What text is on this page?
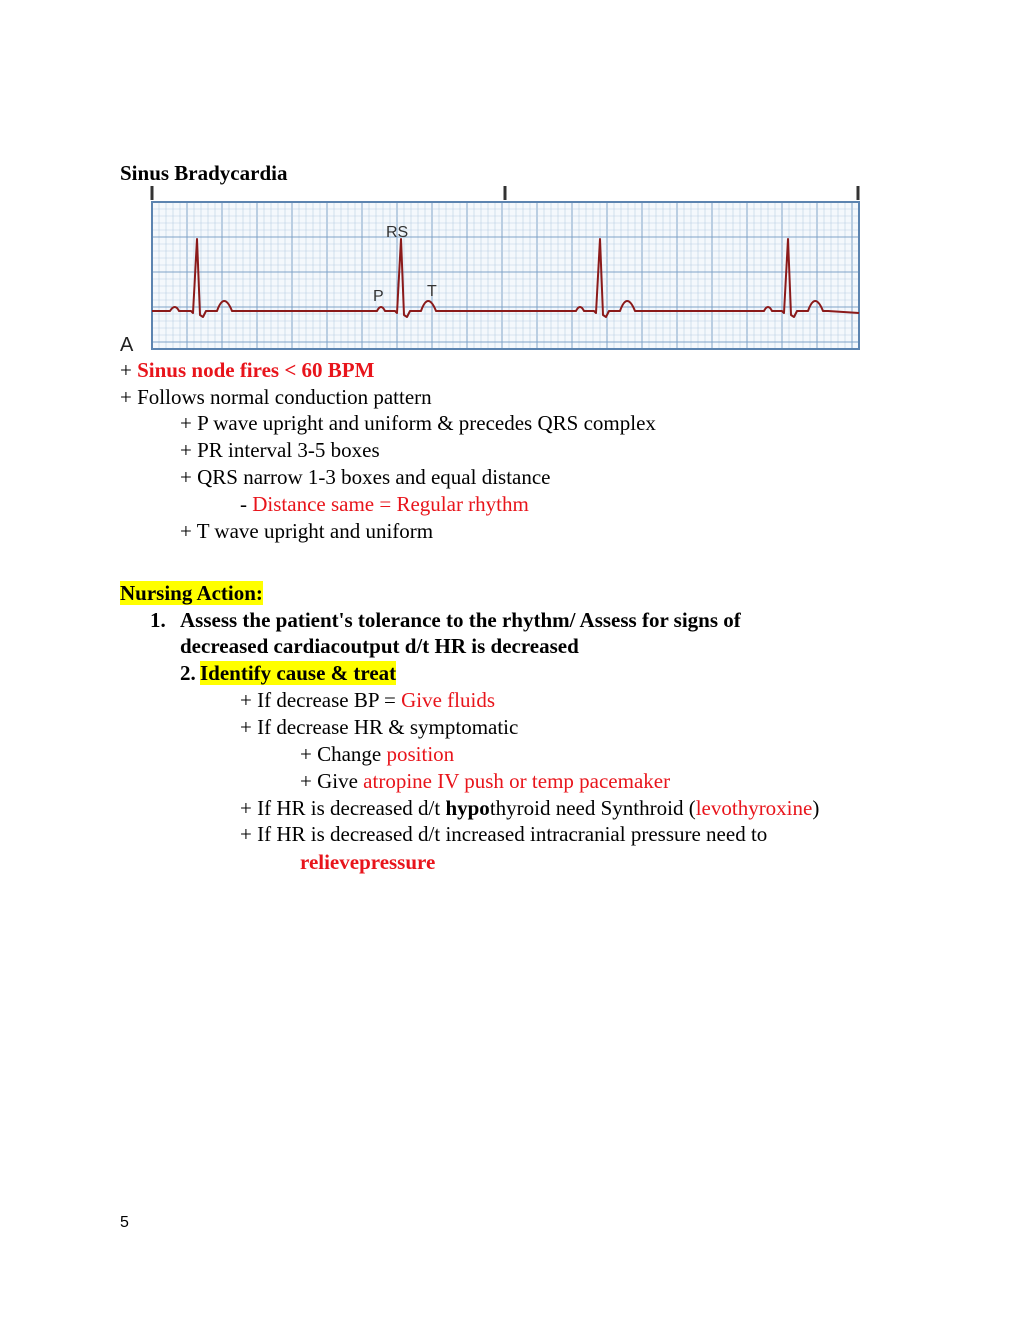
Sinus Bradycardia
RS
P	T
A
+ Sinus node fires < 60 BPM
+ Follows normal conduction pattern
+ P wave upright and uniform & precedes QRS complex
+ PR interval 3-5 boxes
+ QRS narrow 1-3 boxes and equal distance
- Distance same = Regular rhythm
+ T wave upright and uniform
Nursing Action:
1. Assess the patient's tolerance to the rhythm/ Assess for signs of
decreased cardiacoutput d/t HR is decreased
2. Identify cause & treat
+ If decrease BP = Give fluids
+ If decrease HR & symptomatic
+ Change position
+ Give atropine IV push or temp pacemaker
+ If HR is decreased d/t hypothyroid need Synthroid (levothyroxine)
+ If HR is decreased d/t increased intracranial pressure need to
relievepressure
5
